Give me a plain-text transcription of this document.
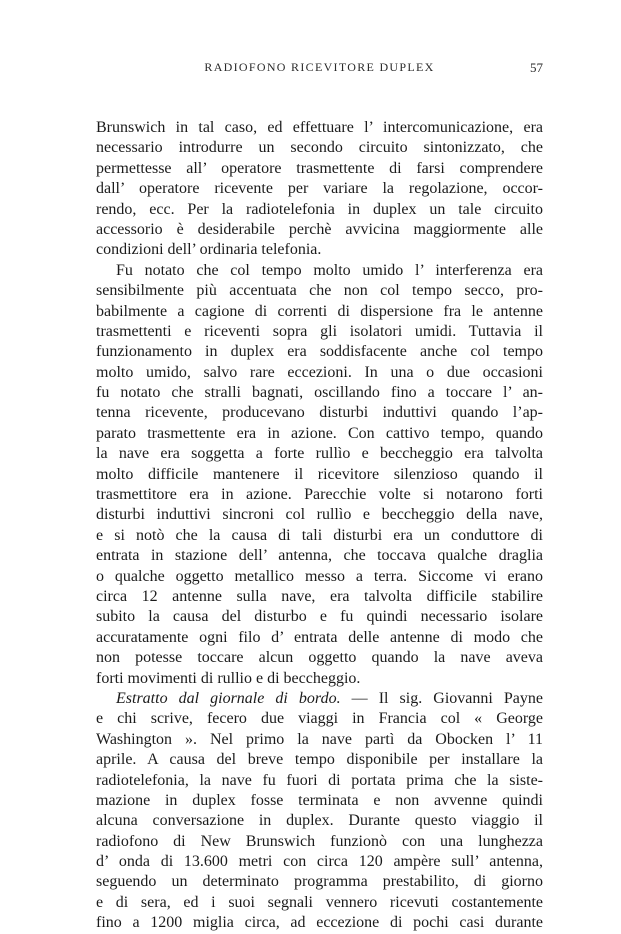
RADIOFONO RICEVITORE DUPLEX	57
Brunswich in tal caso, ed effettuare l’ intercomunicazione, era
necessario introdurre un secondo circuito sintonizzato, che
permettesse all’ operatore trasmettente di farsi comprendere
dall’ operatore ricevente per variare la regolazione, occor-
rendo, ecc. Per la radiotelefonia in duplex un tale circuito
accessorio è desiderabile perchè avvicina maggiormente alle
condizioni dell’ ordinaria telefonia.
Fu notato che col tempo molto umido l’ interferenza era
sensibilmente più accentuata che non col tempo secco, pro-
babilmente a cagione di correnti di dispersione fra le antenne
trasmettenti e riceventi sopra gli isolatori umidi. Tuttavia il
funzionamento in duplex era soddisfacente anche col tempo
molto umido, salvo rare eccezioni. In una o due occasioni
fu notato che stralli bagnati, oscillando fino a toccare l’ an-
tenna ricevente, producevano disturbi induttivi quando l’ap-
parato trasmettente era in azione. Con cattivo tempo, quando
la nave era soggetta a forte rullìo e beccheggio era talvolta
molto difficile mantenere il ricevitore silenzioso quando il
trasmettitore era in azione. Parecchie volte si notarono forti
disturbi induttivi sincroni col rullìo e beccheggio della nave,
e si notò che la causa di tali disturbi era un conduttore di
entrata in stazione dell’ antenna, che toccava qualche draglia
o qualche oggetto metallico messo a terra. Siccome vi erano
circa 12 antenne sulla nave, era talvolta difficile stabilire
subito la causa del disturbo e fu quindi necessario isolare
accuratamente ogni filo d’ entrata delle antenne di modo che
non potesse toccare alcun oggetto quando la nave aveva
forti movimenti di rullio e di beccheggio.
Estratto dal giornale di bordo. — Il sig. Giovanni Payne
e chi scrive, fecero due viaggi in Francia col « George
Washington ». Nel primo la nave partì da Obocken l’ 11
aprile. A causa del breve tempo disponibile per installare la
radiotelefonia, la nave fu fuori di portata prima che la siste-
mazione in duplex fosse terminata e non avvenne quindi
alcuna conversazione in duplex. Durante questo viaggio il
radiofono di New Brunswich funzionò con una lunghezza
d’ onda di 13.600 metri con circa 120 ampère sull’ antenna,
seguendo un determinato programma prestabilito, di giorno
e di sera, ed i suoi segnali vennero ricevuti costantemente
fino a 1200 miglia circa, ad eccezione di pochi casi durante
